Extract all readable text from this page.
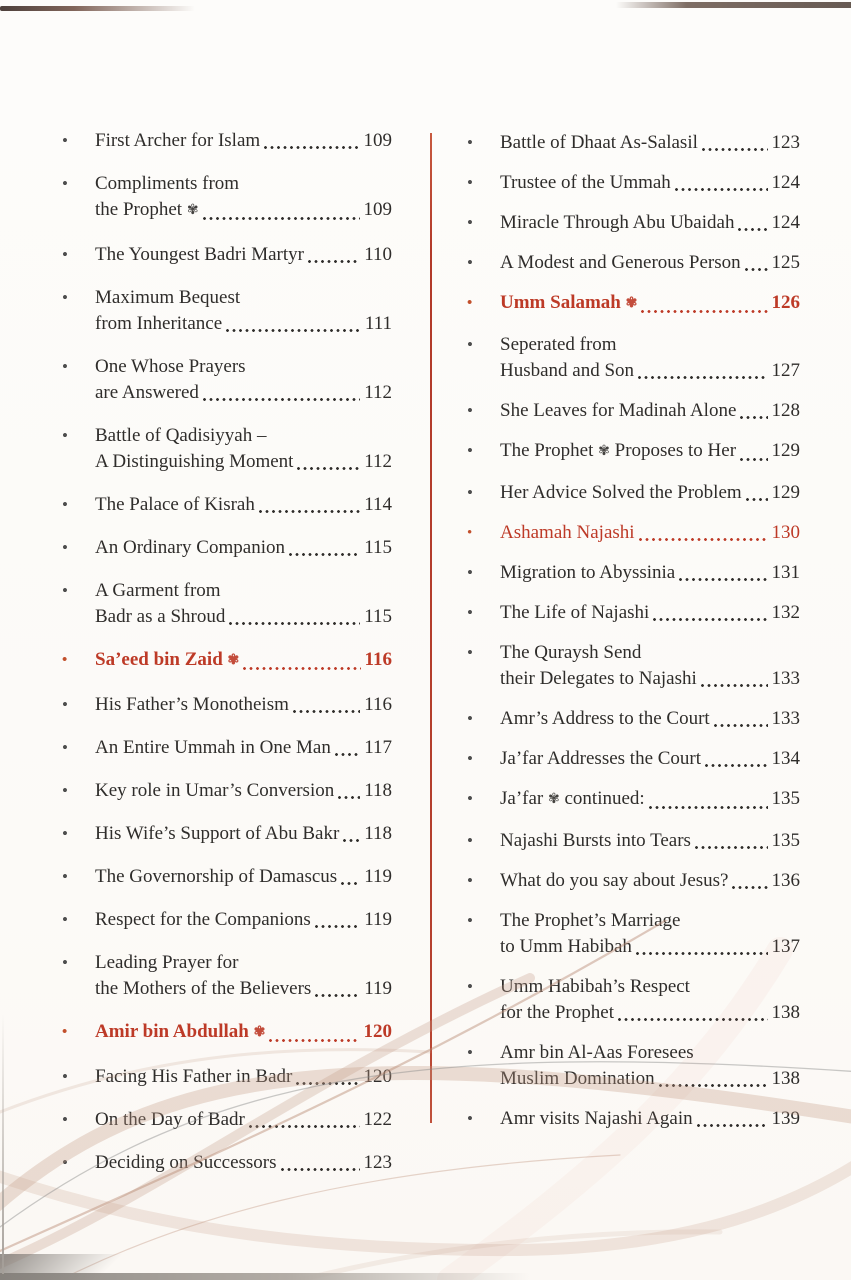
•	First Archer for Islam	109
•	Compliments from
the Prophet ✾	109
•	The Youngest Badri Martyr	110
•	Maximum Bequest
from Inheritance	111
•	One Whose Prayers
are Answered	112
•	Battle of Qadisiyyah –
A Distinguishing Moment	112
•	The Palace of Kisrah	114
•	An Ordinary Companion	115
•	A Garment from
Badr as a Shroud	115
•	Sa’eed bin Zaid ✾	116
•	His Father’s Monotheism	116
•	An Entire Ummah in One Man 117
•	Key role in Umar’s Conversion 118
•	His Wife’s Support of Abu Bakr 118
•	The Governorship of Damascus 119
•	Respect for the Companions	119
•	Leading Prayer for
the Mothers of the Believers	119
•	Amir bin Abdullah ✾	120
•	Facing His Father in Badr	120
•	On the Day of Badr	122
•	Deciding on Successors	123
•	Battle of Dhaat As-Salasil	123
•	Trustee of the Ummah	124
•	Miracle Through Abu Ubaidah 124
•	A Modest and Generous Person 125
•	Umm Salamah ✾	126
•	Seperated from
Husband and Son	127
•	She Leaves for Madinah Alone 128
•	The Prophet ✾ Proposes to Her 129
•	Her Advice Solved the Problem 129
•	Ashamah Najashi	130
•	Migration to Abyssinia	131
•	The Life of Najashi	132
•	The Quraysh Send
their Delegates to Najashi	133
•	Amr’s Address to the Court	133
•	Ja’far Addresses the Court	134
•	Ja’far ✾ continued:	135
•	Najashi Bursts into Tears	135
•	What do you say about Jesus? 136
•	The Prophet’s Marriage
to Umm Habibah	137
•	Umm Habibah’s Respect
for the Prophet	138
•	Amr bin Al-Aas Foresees
Muslim Domination	138
•	Amr visits Najashi Again	139
